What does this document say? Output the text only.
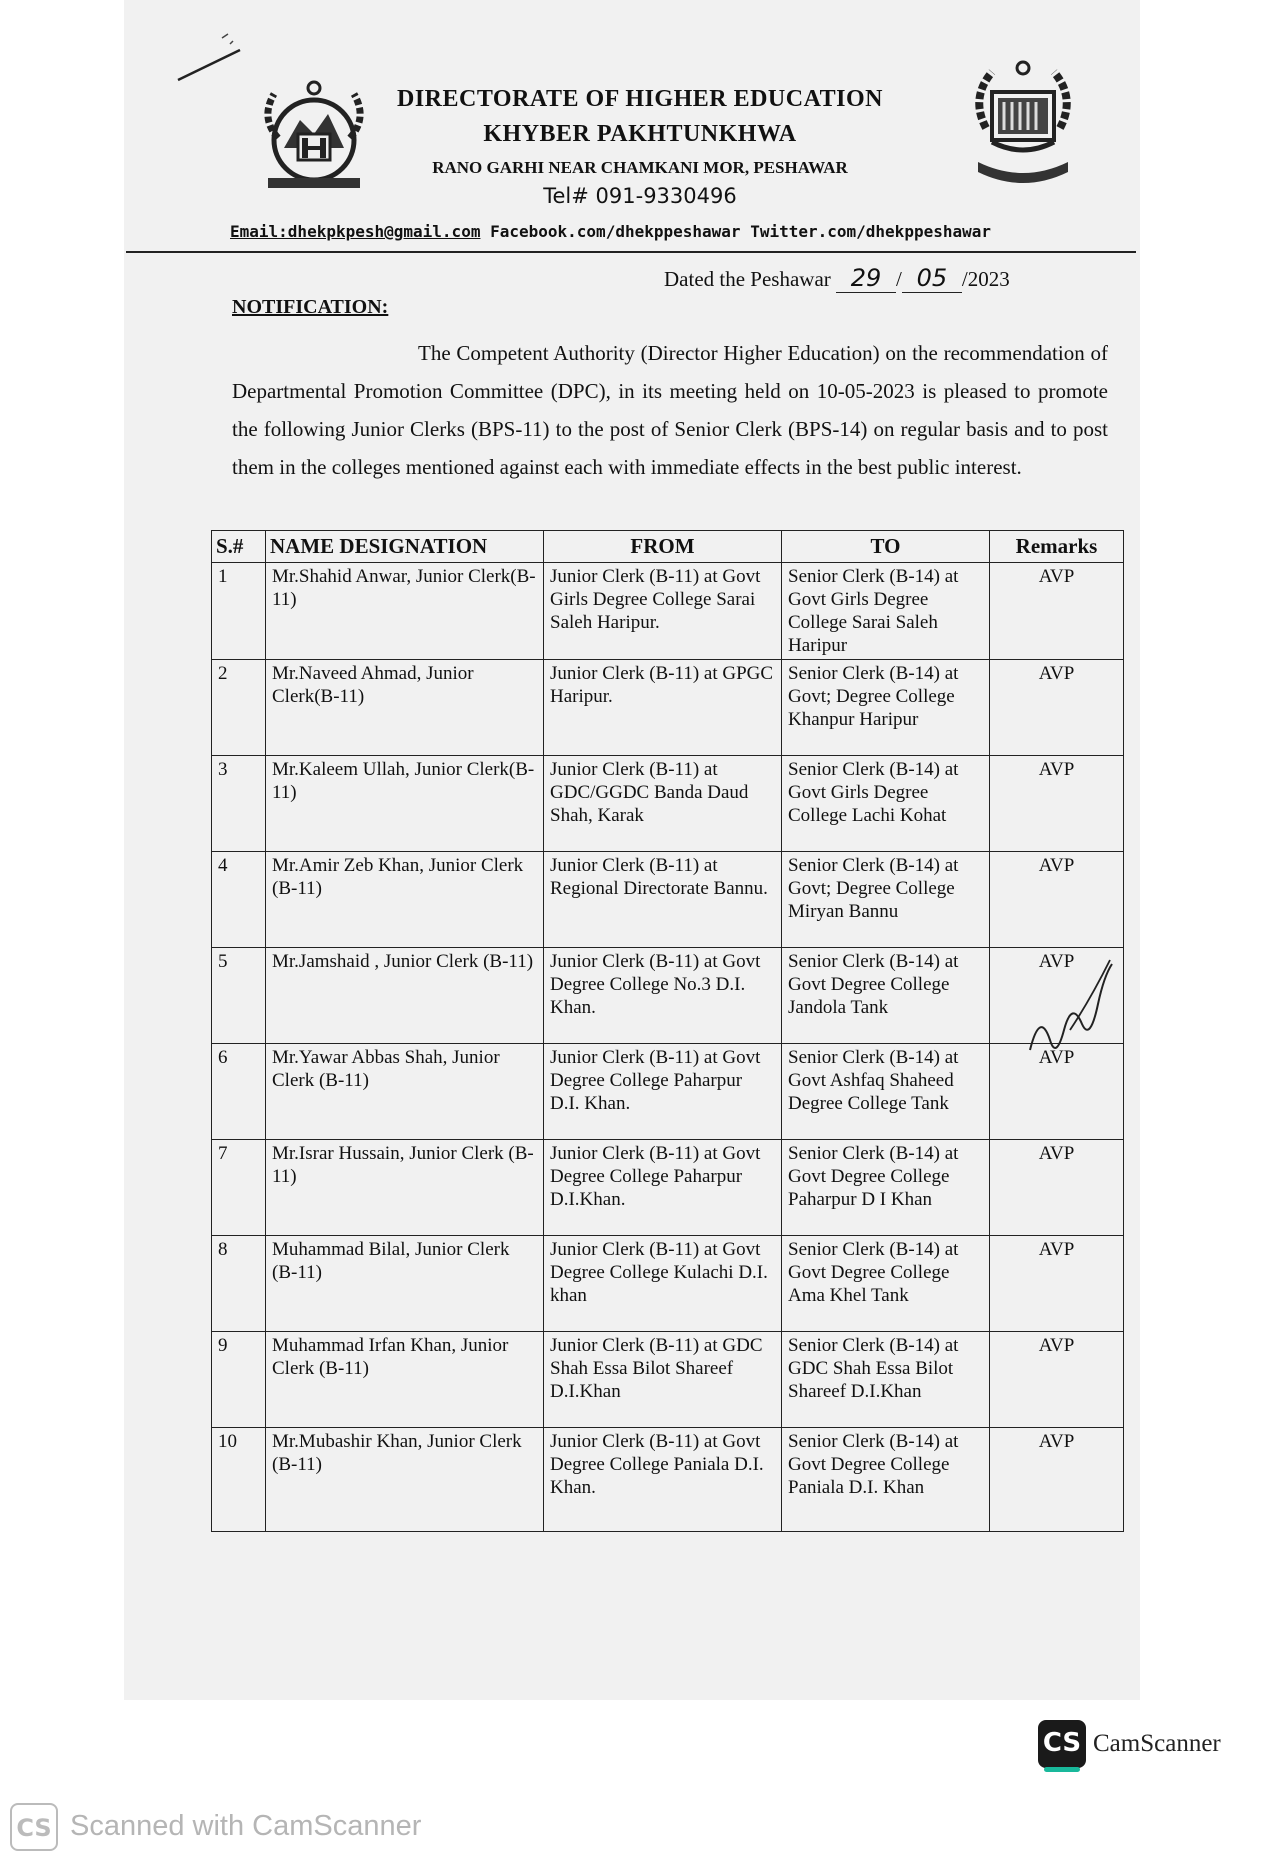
DIRECTORATE OF HIGHER EDUCATION
KHYBER PAKHTUNKHWA
RANO GARHI NEAR CHAMKANI MOR, PESHAWAR
Tel# 091-9330496
Email:dhekpkpesh@gmail.com Facebook.com/dhekppeshawar Twitter.com/dhekppeshawar
Dated the Peshawar 29 / 05 /2023
NOTIFICATION:
The Competent Authority (Director Higher Education) on the recommendation of Departmental Promotion Committee (DPC), in its meeting held on 10-05-2023 is pleased to promote the following Junior Clerks (BPS-11) to the post of Senior Clerk (BPS-14) on regular basis and to post them in the colleges mentioned against each with immediate effects in the best public interest.
S.#	NAME DESIGNATION	FROM	TO	Remarks
1	Mr.Shahid Anwar, Junior Clerk(B-11)	Junior Clerk (B-11) at Govt Girls Degree College Sarai Saleh Haripur.	Senior Clerk (B-14) at Govt Girls Degree College Sarai Saleh Haripur	AVP
2	Mr.Naveed Ahmad, Junior Clerk(B-11)	Junior Clerk (B-11) at GPGC Haripur.	Senior Clerk (B-14) at Govt; Degree College Khanpur Haripur	AVP
3	Mr.Kaleem Ullah, Junior Clerk(B-11)	Junior Clerk (B-11) at GDC/GGDC Banda Daud Shah, Karak	Senior Clerk (B-14) at Govt Girls Degree College Lachi Kohat	AVP
4	Mr.Amir Zeb Khan, Junior Clerk (B-11)	Junior Clerk (B-11) at Regional Directorate Bannu.	Senior Clerk (B-14) at Govt; Degree College Miryan Bannu	AVP
5	Mr.Jamshaid , Junior Clerk (B-11)	Junior Clerk (B-11) at Govt Degree College No.3 D.I. Khan.	Senior Clerk (B-14) at Govt Degree College Jandola Tank	AVP
6	Mr.Yawar Abbas Shah, Junior Clerk (B-11)	Junior Clerk (B-11) at Govt Degree College Paharpur D.I. Khan.	Senior Clerk (B-14) at Govt Ashfaq Shaheed Degree College Tank	AVP
7	Mr.Israr Hussain, Junior Clerk (B-11)	Junior Clerk (B-11) at Govt Degree College Paharpur D.I.Khan.	Senior Clerk (B-14) at Govt Degree College Paharpur D I Khan	AVP
8	Muhammad Bilal, Junior Clerk (B-11)	Junior Clerk (B-11) at Govt Degree College Kulachi D.I. khan	Senior Clerk (B-14) at Govt Degree College Ama Khel Tank	AVP
9	Muhammad Irfan Khan, Junior Clerk (B-11)	Junior Clerk (B-11) at GDC Shah Essa Bilot Shareef D.I.Khan	Senior Clerk (B-14) at GDC Shah Essa Bilot Shareef D.I.Khan	AVP
10	Mr.Mubashir Khan, Junior Clerk (B-11)	Junior Clerk (B-11) at Govt Degree College Paniala D.I. Khan.	Senior Clerk (B-14) at Govt Degree College Paniala D.I. Khan	AVP
CS CamScanner
CS Scanned with CamScanner
